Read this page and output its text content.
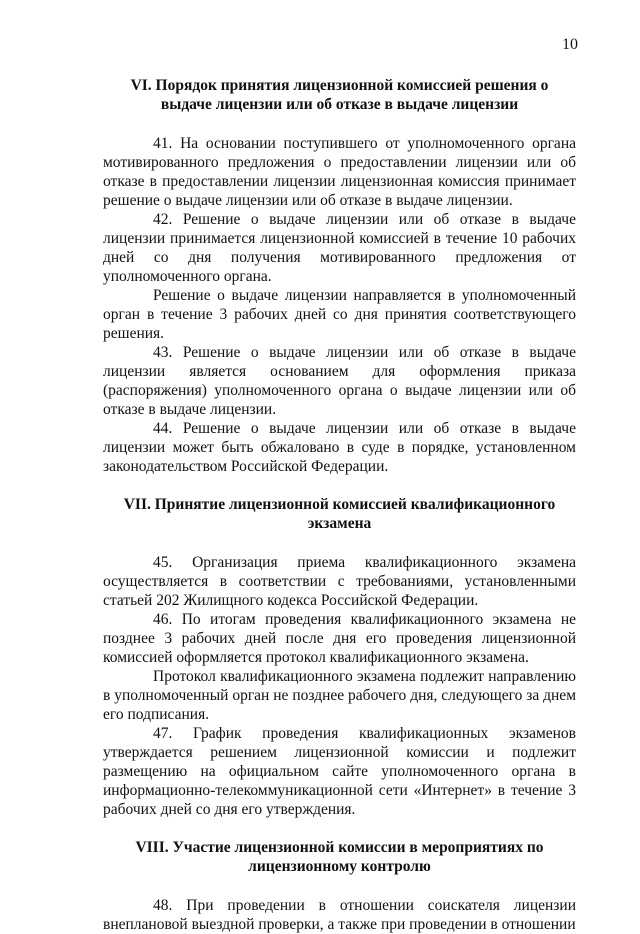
10

VI. Порядок принятия лицензионной комиссией решения о выдаче лицензии или об отказе в выдаче лицензии

41. На основании поступившего от уполномоченного органа мотивированного предложения о предоставлении лицензии или об отказе в предоставлении лицензии лицензионная комиссия принимает решение о выдаче лицензии или об отказе в выдаче лицензии.

42. Решение о выдаче лицензии или об отказе в выдаче лицензии принимается лицензионной комиссией в течение 10 рабочих дней со дня получения мотивированного предложения от уполномоченного органа.

Решение о выдаче лицензии направляется в уполномоченный орган в течение 3 рабочих дней со дня принятия соответствующего решения.

43. Решение о выдаче лицензии или об отказе в выдаче лицензии является основанием для оформления приказа (распоряжения) уполномоченного органа о выдаче лицензии или об отказе в выдаче лицензии.

44. Решение о выдаче лицензии или об отказе в выдаче лицензии может быть обжаловано в суде в порядке, установленном законодательством Российской Федерации.

VII. Принятие лицензионной комиссией квалификационного экзамена

45. Организация приема квалификационного экзамена осуществляется в соответствии с требованиями, установленными статьей 202 Жилищного кодекса Российской Федерации.

46. По итогам проведения квалификационного экзамена не позднее 3 рабочих дней после дня его проведения лицензионной комиссией оформляется протокол квалификационного экзамена.

Протокол квалификационного экзамена подлежит направлению в уполномоченный орган не позднее рабочего дня, следующего за днем его подписания.

47. График проведения квалификационных экзаменов утверждается решением лицензионной комиссии и подлежит размещению на официальном сайте уполномоченного органа в информационно-телекоммуникационной сети «Интернет» в течение 3 рабочих дней со дня его утверждения.

VIII. Участие лицензионной комиссии в мероприятиях по лицензионному контролю

48. При проведении в отношении соискателя лицензии внеплановой выездной проверки, а также при проведении в отношении
